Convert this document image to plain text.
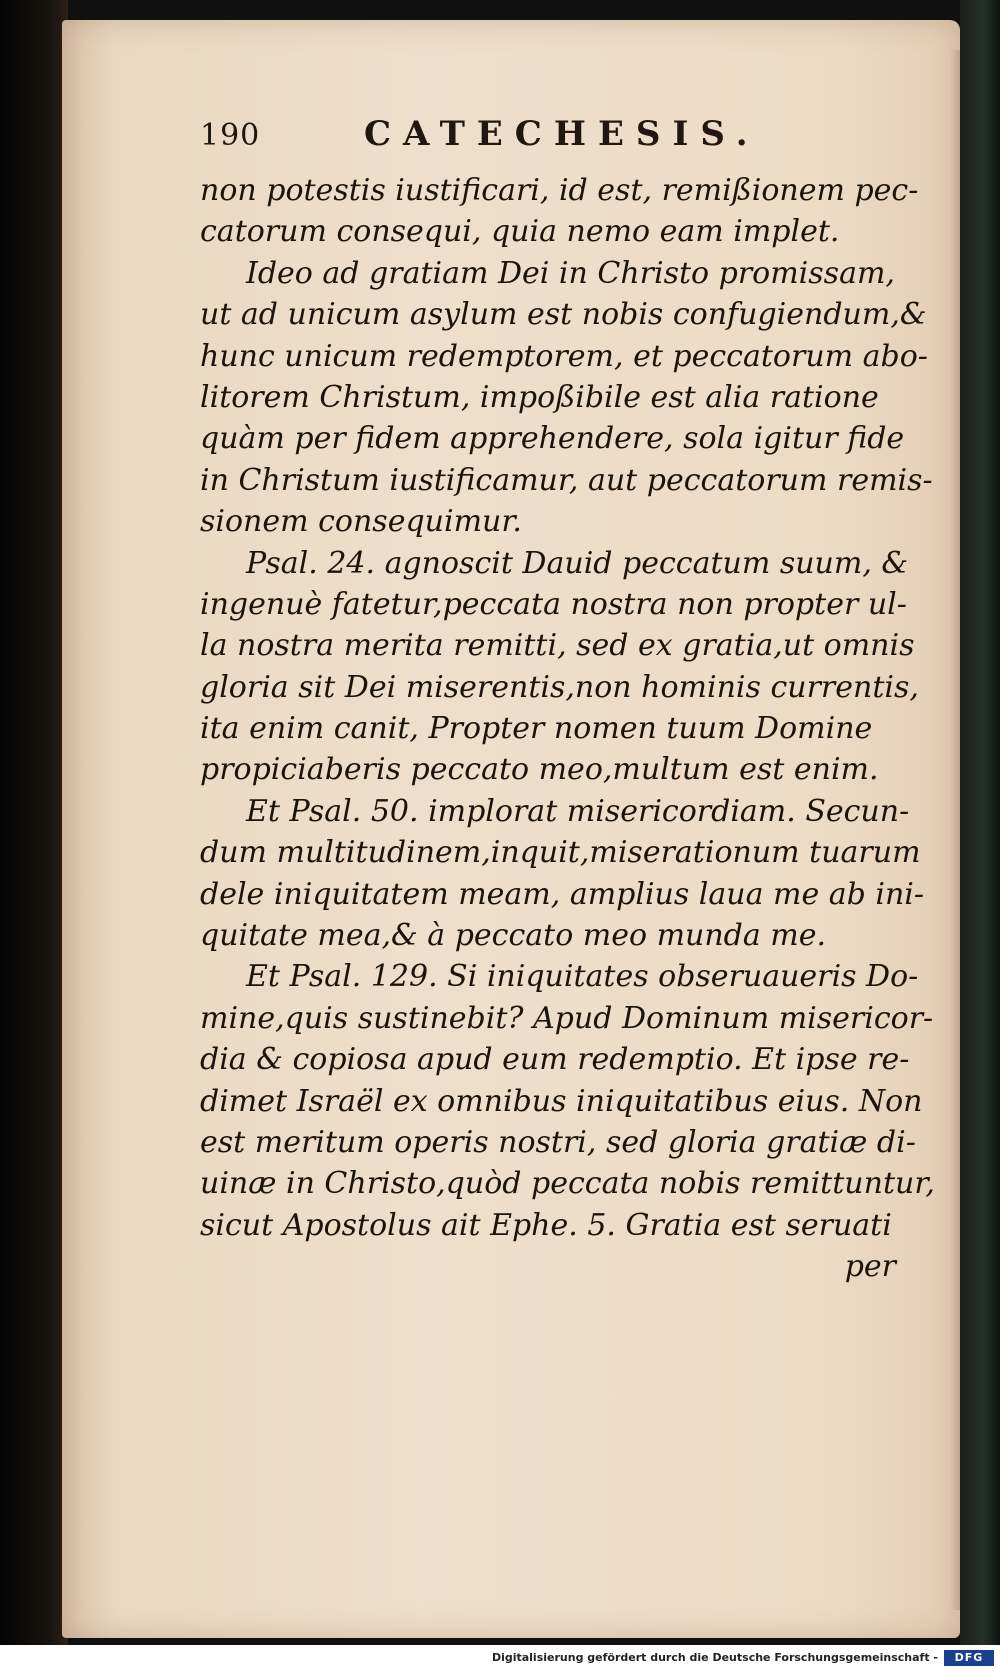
190	CATECHESIS.
non potestis iustificari, id est, remißionem pec-
catorum consequi, quia nemo eam implet.
Ideo ad gratiam Dei in Christo promissam,
ut ad unicum asylum est nobis confugiendum,&
hunc unicum redemptorem, et peccatorum abo-
litorem Christum, impoßibile est alia ratione
quàm per fidem apprehendere, sola igitur fide
in Christum iustificamur, aut peccatorum remis-
sionem consequimur.
Psal. 24. agnoscit Dauid peccatum suum, &
ingenuè fatetur,peccata nostra non propter ul-
la nostra merita remitti, sed ex gratia,ut omnis
gloria sit Dei miserentis,non hominis currentis,
ita enim canit, Propter nomen tuum Domine
propiciaberis peccato meo,multum est enim.
Et Psal. 50. implorat misericordiam. Secun-
dum multitudinem,inquit,miserationum tuarum
dele iniquitatem meam, amplius laua me ab ini-
quitate mea,& à peccato meo munda me.
Et Psal. 129. Si iniquitates obseruaueris Do-
mine,quis sustinebit? Apud Dominum misericor-
dia & copiosa apud eum redemptio. Et ipse re-
dimet Israël ex omnibus iniquitatibus eius. Non
est meritum operis nostri, sed gloria gratiæ di-
uinæ in Christo,quòd peccata nobis remittuntur,
sicut Apostolus ait Ephe. 5. Gratia est seruati
per
Digitalisierung gefördert durch die Deutsche Forschungsgemeinschaft -	DFG
